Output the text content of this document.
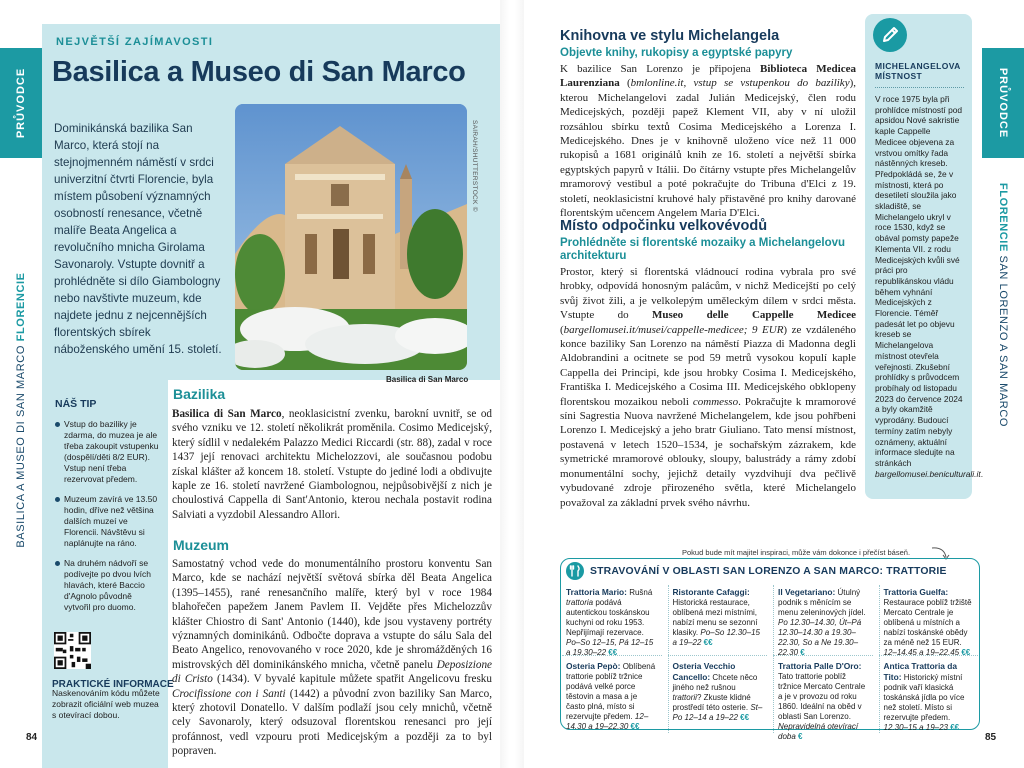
PRŮVODCE
BASILICA A MUSEO DI SAN MARCO FLORENCIE
NEJVĚTŠÍ ZAJÍMAVOSTI
Basilica a Museo di San Marco
Dominikánská bazilika San Marco, která stojí na stejnojmenném náměstí v srdci univerzitní čtvrti Florencie, byla místem působení významných osobností renesance, včetně malíře Beata Angelica a revolučního mnicha Girolama Savonaroly. Vstupte dovnitř a prohlédněte si dílo Giambologny nebo navštivte muzeum, kde najdete jednu z nejcennějších florentských sbírek náboženského umění 15. století.
SAIRAH/SHUTTERSTOCK ©
Basilica di San Marco
NÁŠ TIP
Vstup do baziliky je zdarma, do muzea je ale třeba zakoupit vstupenku (dospělí/děti 8/2 EUR). Vstup není třeba rezervovat předem.
Muzeum zavírá ve 13.50 hodin, dříve než většina dalších muzeí ve Florencii. Návštěvu si naplánujte na ráno.
Na druhém nádvoří se podívejte po dvou lvích hlavách, které Baccio d'Agnolo původně vytvořil pro duomo.
PRAKTICKÉ INFORMACE
Naskenováním kódu můžete zobrazit oficiální web muzea s otevírací dobou.
84
Bazilika
Basilica di San Marco, neoklasicistní zvenku, barokní uvnitř, se od svého vzniku ve 12. století několikrát proměnila. Cosimo Medicejský, který sídlil v nedalekém Palazzo Medici Riccardi (str. 88), zadal v roce 1437 její renovaci architektu Michelozzovi, ale současnou podobu získal klášter až koncem 18. století. Vstupte do jediné lodi a obdivujte kaple ze 16. století navržené Giambolognou, nejpůsobivější z nich je choulostivá Cappella di Sant'Antonio, kterou nechala postavit rodina Salviati a vyzdobil Alessandro Allori.
Muzeum
Samostatný vchod vede do monumentálního prostoru konventu San Marco, kde se nachází největší světová sbírka děl Beata Angelica (1395–1455), rané renesančního malíře, který byl v roce 1984 blahořečen papežem Janem Pavlem II. Vejděte přes Michelozzův klášter Chiostro di Sant' Antonio (1440), kde jsou vystaveny portréty významných dominikánů. Odbočte doprava a vstupte do sálu Sala del Beato Angelico, renovovaného v roce 2020, kde je shromážděných 16 mistrovských děl dominikánského mnicha, včetně panelu Deposizione di Cristo (1434). V byvalé kapitule můžete spatřit Angelicovu fresku Crocifissione con i Santi (1442) a původní zvon baziliky San Marco, který zhotovil Donatello. V dalším podlaží jsou cely mnichů, včetně cely Savonaroly, který odsuzoval florentskou renesanci pro její profánnost, vedl vzpouru proti Medicejským a později za to byl popraven.
PRŮVODCE
FLORENCIE SAN LORENZO A SAN MARCO
85
Knihovna ve stylu Michelangela
Objevte knihy, rukopisy a egyptské papyry
K bazilice San Lorenzo je připojena Biblioteca Medicea Laurenziana (bmlonline.it, vstup se vstupenkou do baziliky), kterou Michelangelovi zadal Julián Medicejský, člen rodu Medicejských, později papež Klement VII, aby v ní uložil rozsáhlou sbírku textů Cosima Medicejského a Lorenza I. Medicejského. Dnes je v knihovně uloženo více než 11 000 rukopisů a 1681 originálů knih ze 16. století a největší sbírka egyptských papyrů v Itálii. Do čítárny vstupte přes Michelangelův mramorový vestibul a poté pokračujte do Tribuna d'Elci z 19. století, neoklasicistní kruhové haly přistavěné pro knihy darované florentským učencem Angelem Maria D'Elci.
Místo odpočinku velkovévodů
Prohlédněte si florentské mozaiky a Michelangelovu architekturu
Prostor, který si florentská vládnoucí rodina vybrala pro své hrobky, odpovídá honosným palácům, v nichž Medicejští po celý svůj život žili, a je velkolepým uměleckým dílem v srdci města. Vstupte do Museo delle Cappelle Medicee (bargellomusei.it/musei/cappelle-medicee; 9 EUR) ze vzdáleného konce baziliky San Lorenzo na náměstí Piazza di Madonna degli Aldobrandini a ocitnete se pod 59 metrů vysokou kopulí kaple Cappella dei Principi, kde jsou hrobky Cosima I. Medicejského, Františka I. Medicejského a Cosima III. Medicejského obklopeny florentskou mozaikou neboli commesso. Pokračujte k mramorové síni Sagrestia Nuova navržené Michelangelem, kde jsou pohřbeni Lorenzo I. Medicejský a jeho bratr Giuliano. Tato mensí místnost, postavená v letech 1520–1534, je sochařským zázrakem, kde symetrické mramorové oblouky, sloupy, balustrády a rámy zdobí monumentální sochy, jejichž detaily vyzdvihují dva pečlivě vybudované zdroje přirozeného světla, které Michelangelo považoval za základní prvek svého návrhu.
MICHELANGELOVA MÍSTNOST

V roce 1975 byla při prohlídce místností pod apsidou Nové sakristie kaple Cappelle Medicee objevena za vrstvou omítky řada nástěnných kreseb. Předpokládá se, že v místnosti, která po desetiletí sloužila jako skladiště, se Michelangelo ukryl v roce 1530, když se obával pomsty papeže Klementa VII. z rodu Medicejských kvůli své práci pro republikánskou vládu během vyhnání Medicejských z Florencie. Téměř padesát let po objevu kreseb se Michelangelova místnost otevřela veřejnosti. Zkušební prohlídky s průvodcem probíhaly od listopadu 2023 do července 2024 a byly okamžitě vyprodány. Budoucí termíny zatím nebyly oznámeny, aktuální informace sledujte na stránkách bargellomusei.beniculturali.it.

Pokud bude mít majitel inspiraci, může vám dokonce i přečíst báseň.
STRAVOVÁNÍ V OBLASTI SAN LORENZO A SAN MARCO: TRATTORIE
Trattoria Mario: Rušná trattoria podává autentickou toskánskou kuchyni od roku 1953. Nepřijímají rezervace. Po–So 12–15, Pá 12–15 a 19.30–22 €€
Ristorante Cafaggi: Historická restaurace, oblíbená mezi místními, nabízí menu se sezonní klasiky. Po–So 12.30–15 a 19–22 €€
Il Vegetariano: Útulný podnik s měnícím se menu zeleninových jídel. Po 12.30–14.30, Út–Pá 12.30–14.30 a 19.30–22.30, So a Ne 19.30–22.30 €
Trattoria Guelfa: Restaurace poblíž tržiště Mercato Centrale je oblíbená u místních a nabízí toskánské obědy za méně než 15 EUR. 12–14.45 a 19–22.45 €€
Osteria Pepò: Oblíbená trattorie poblíž tržnice podává velké porce těstovin a masa a je často plná, místo si rezervujte předem. 12–14.30 a 19–22.30 €€
Osteria Vecchio Cancello: Chcete něco jiného než rušnou trattorii? Zkuste klidné prostředí této osterie. St–Po 12–14 a 19–22 €€
Trattoria Palle D'Oro: Tato trattorie poblíž tržnice Mercato Centrale a je v provozu od roku 1860. Ideální na oběd v oblasti San Lorenzo. Nepravidelná otevírací doba €
Antica Trattoria da Tito: Historický místní podnik vaří klasická toskánská jídla po více než století. Místo si rezervujte předem. 12.30–15 a 19–23 €€
